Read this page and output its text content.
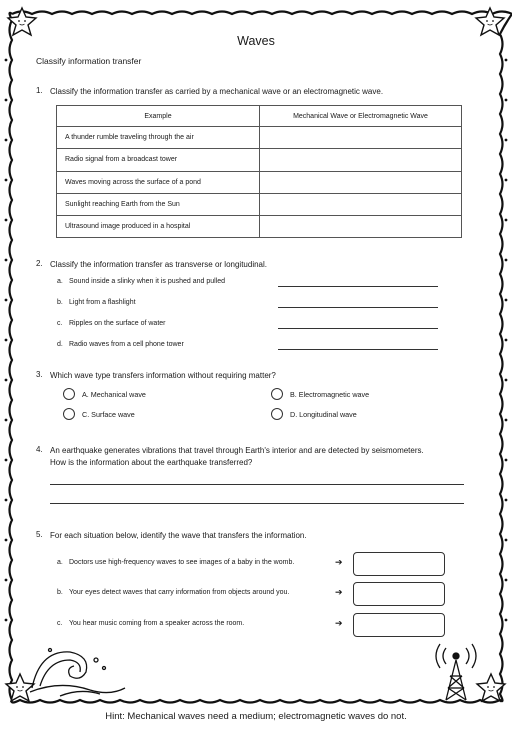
Waves
Classify information transfer
1. Classify the information transfer as carried by a mechanical wave or an electromagnetic wave.
Example	Mechanical Wave or Electromagnetic Wave
A thunder rumble traveling through the air	
Radio signal from a broadcast tower	
Waves moving across the surface of a pond	
Sunlight reaching Earth from the Sun	
Ultrasound image produced in a hospital	
2. Classify the information transfer as transverse or longitudinal.
a. Sound inside a slinky when it is pushed and pulled
b. Light from a flashlight
c. Ripples on the surface of water
d. Radio waves from a cell phone tower
3. Which wave type transfers information without requiring matter?
A. Mechanical wave	B. Electromagnetic wave
C. Surface wave	D. Longitudinal wave
4. An earthquake generates vibrations that travel through Earth's interior and are detected by seismometers.
How is the information about the earthquake transferred?
5. For each situation below, identify the wave that transfers the information.
a. Doctors use high-frequency waves to see images of a baby in the womb.	➔
b. Your eyes detect waves that carry information from objects around you.	➔
c. You hear music coming from a speaker across the room.	➔
Hint: Mechanical waves need a medium; electromagnetic waves do not.
